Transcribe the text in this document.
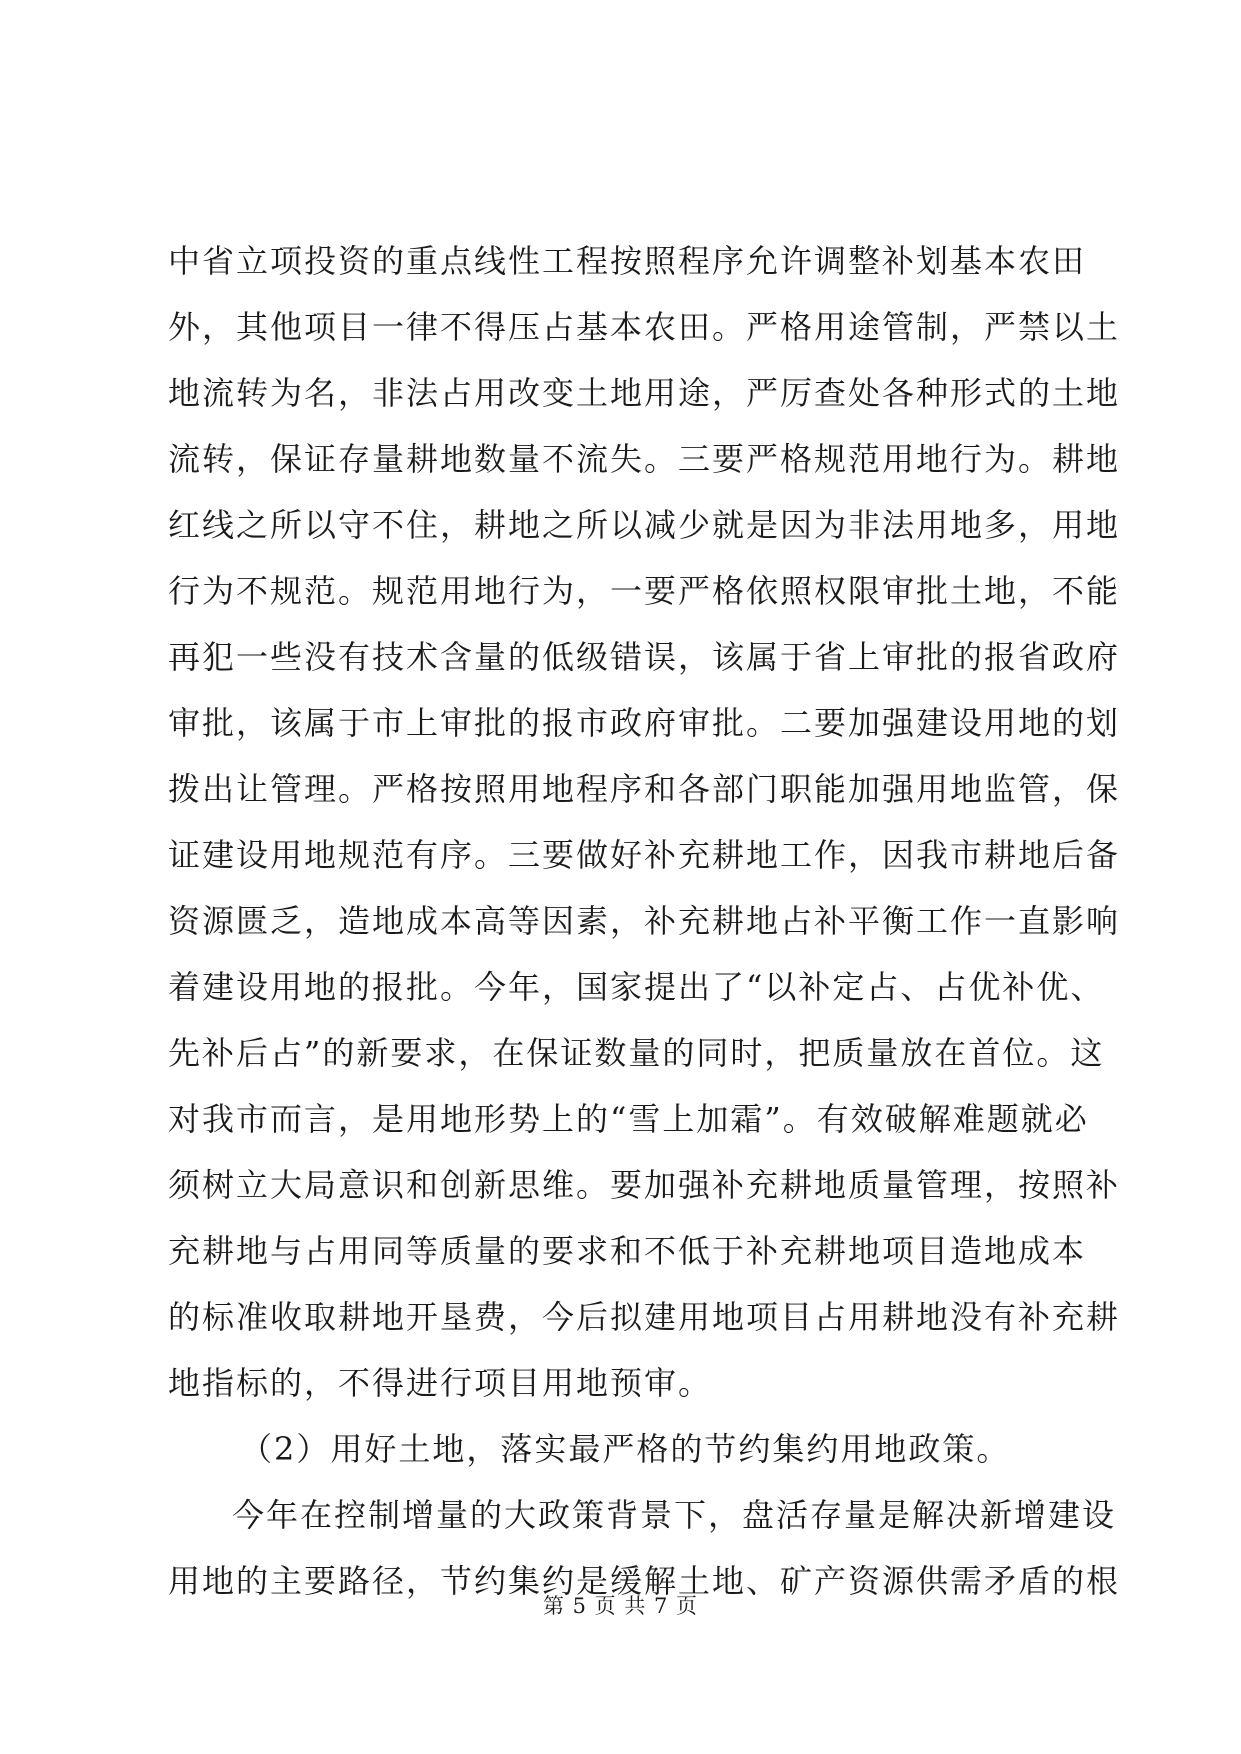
中省立项投资的重点线性工程按照程序允许调整补划基本农田
外，其他项目一律不得压占基本农田。严格用途管制，严禁以土
地流转为名，非法占用改变土地用途，严厉查处各种形式的土地
流转，保证存量耕地数量不流失。三要严格规范用地行为。耕地
红线之所以守不住，耕地之所以减少就是因为非法用地多，用地
行为不规范。规范用地行为，一要严格依照权限审批土地，不能
再犯一些没有技术含量的低级错误，该属于省上审批的报省政府
审批，该属于市上审批的报市政府审批。二要加强建设用地的划
拨出让管理。严格按照用地程序和各部门职能加强用地监管，保
证建设用地规范有序。三要做好补充耕地工作，因我市耕地后备
资源匮乏，造地成本高等因素，补充耕地占补平衡工作一直影响
着建设用地的报批。今年，国家提出了“以补定占、占优补优、
先补后占”的新要求，在保证数量的同时，把质量放在首位。这
对我市而言，是用地形势上的“雪上加霜”。有效破解难题就必
须树立大局意识和创新思维。要加强补充耕地质量管理，按照补
充耕地与占用同等质量的要求和不低于补充耕地项目造地成本
的标准收取耕地开垦费，今后拟建用地项目占用耕地没有补充耕
地指标的，不得进行项目用地预审。
（2）用好土地，落实最严格的节约集约用地政策。
今年在控制增量的大政策背景下，盘活存量是解决新增建设
用地的主要路径，节约集约是缓解土地、矿产资源供需矛盾的根
第 5 页 共 7 页
